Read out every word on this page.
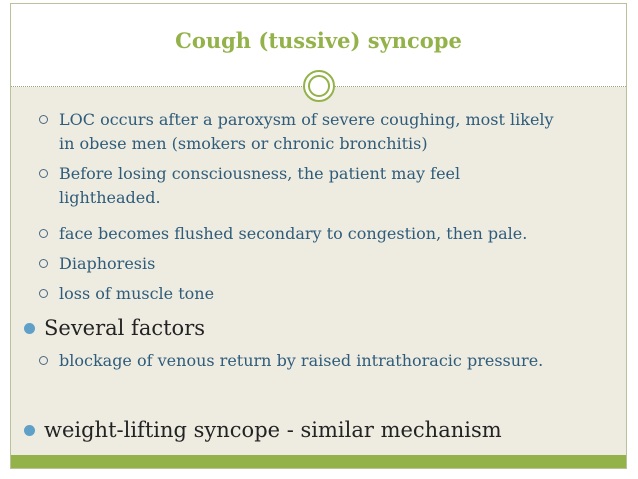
Cough (tussive) syncope
LOC occurs after a paroxysm of severe coughing, most likely
in obese men (smokers or chronic bronchitis)
Before losing consciousness, the patient may feel
lightheaded.
face becomes flushed secondary to congestion, then pale.
Diaphoresis
loss of muscle tone
Several factors
blockage of venous return by raised intrathoracic pressure.
weight-lifting syncope - similar mechanism
